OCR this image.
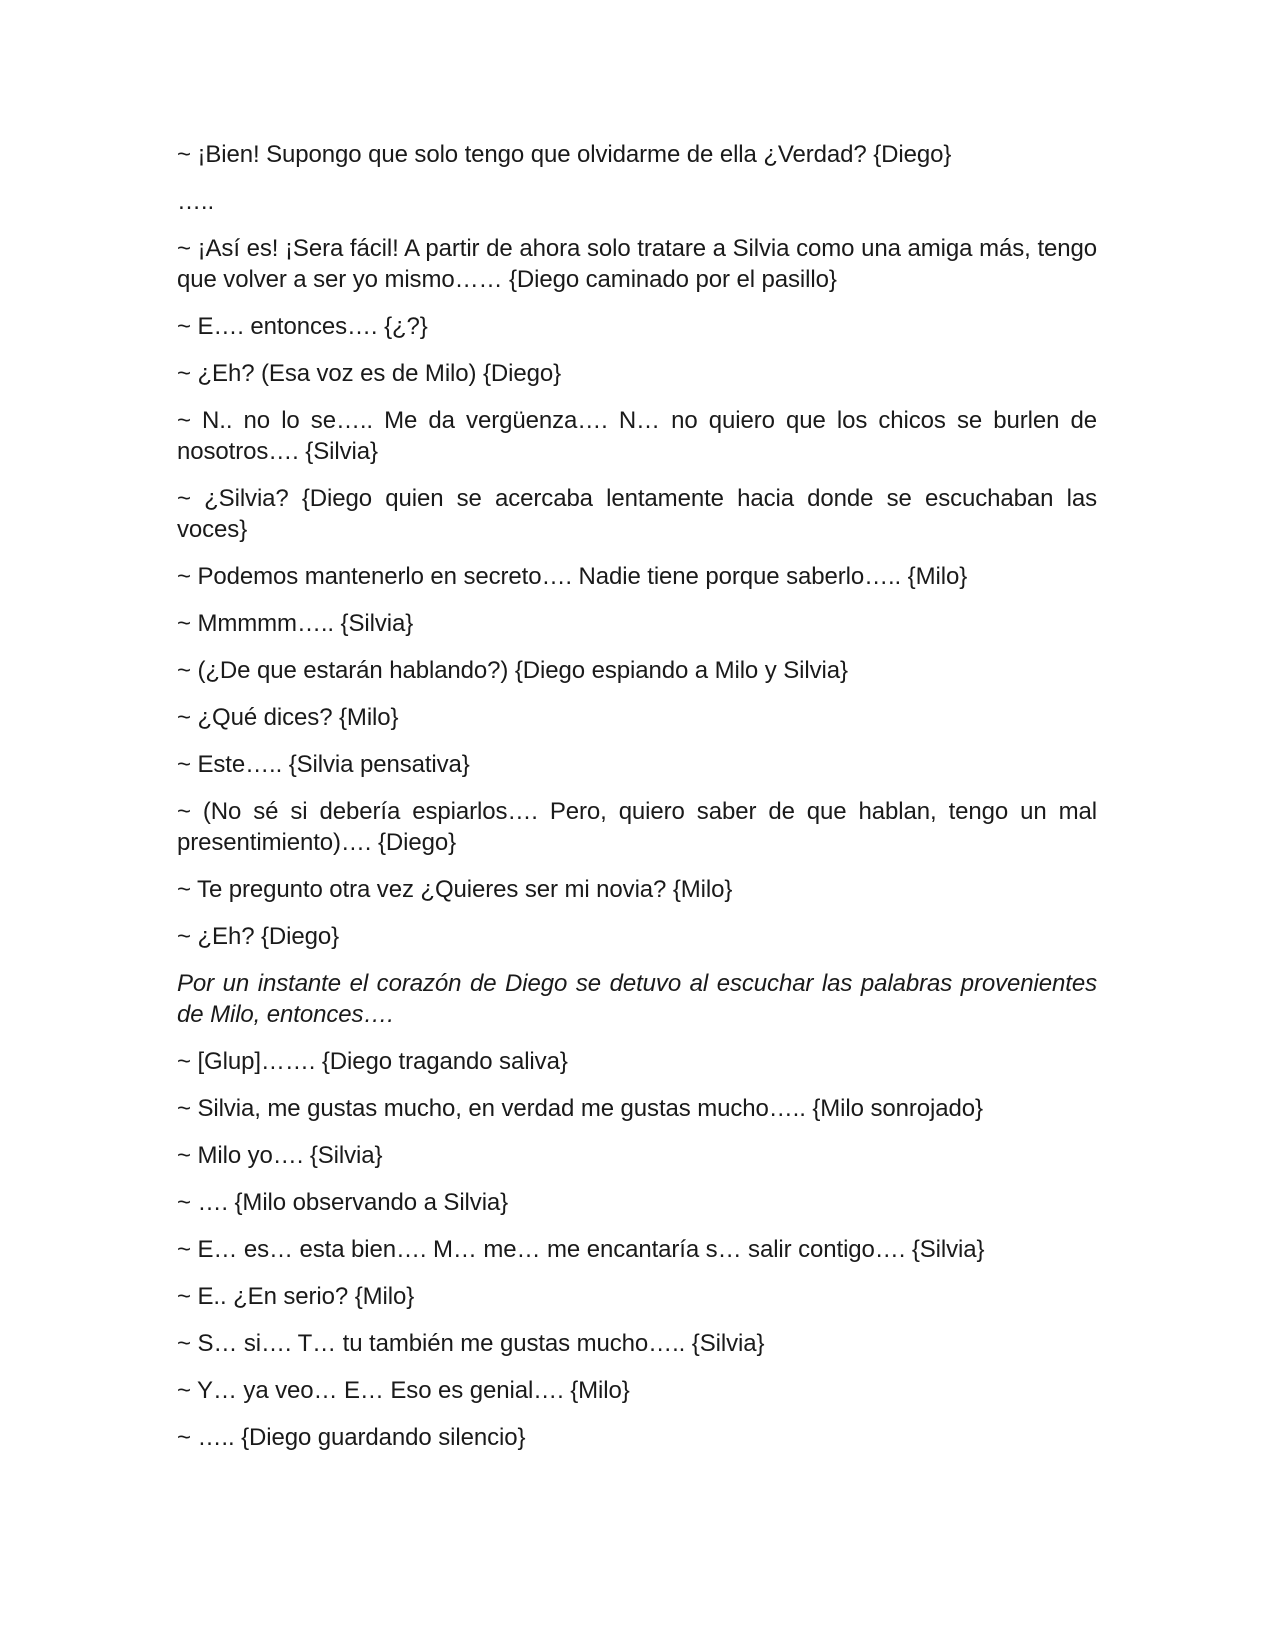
~ ¡Bien! Supongo que solo tengo que olvidarme de ella ¿Verdad? {Diego}

…..

~ ¡Así es! ¡Sera fácil! A partir de ahora solo tratare a Silvia como una amiga más, tengo que volver a ser yo mismo…… {Diego caminado por el pasillo}

~ E…. entonces…. {¿?}

~ ¿Eh? (Esa voz es de Milo) {Diego}

~ N.. no lo se….. Me da vergüenza…. N… no quiero que los chicos se burlen de nosotros…. {Silvia}

~ ¿Silvia? {Diego quien se acercaba lentamente hacia donde se escuchaban las voces}

~ Podemos mantenerlo en secreto…. Nadie tiene porque saberlo….. {Milo}

~ Mmmmm….. {Silvia}

~ (¿De que estarán hablando?) {Diego espiando a Milo y Silvia}

~ ¿Qué dices? {Milo}

~ Este….. {Silvia pensativa}

~ (No sé si debería espiarlos…. Pero, quiero saber de que hablan, tengo un mal presentimiento)…. {Diego}

~ Te pregunto otra vez ¿Quieres ser mi novia? {Milo}

~ ¿Eh? {Diego}

Por un instante el corazón de Diego se detuvo al escuchar las palabras provenientes de Milo, entonces….

~ [Glup]……. {Diego tragando saliva}

~ Silvia, me gustas mucho, en verdad me gustas mucho….. {Milo sonrojado}

~ Milo yo…. {Silvia}

~ …. {Milo observando a Silvia}

~ E… es… esta bien…. M… me… me encantaría s… salir contigo…. {Silvia}

~ E.. ¿En serio? {Milo}

~ S… si…. T… tu también me gustas mucho….. {Silvia}

~ Y… ya veo… E… Eso es genial…. {Milo}

~ ….. {Diego guardando silencio}
